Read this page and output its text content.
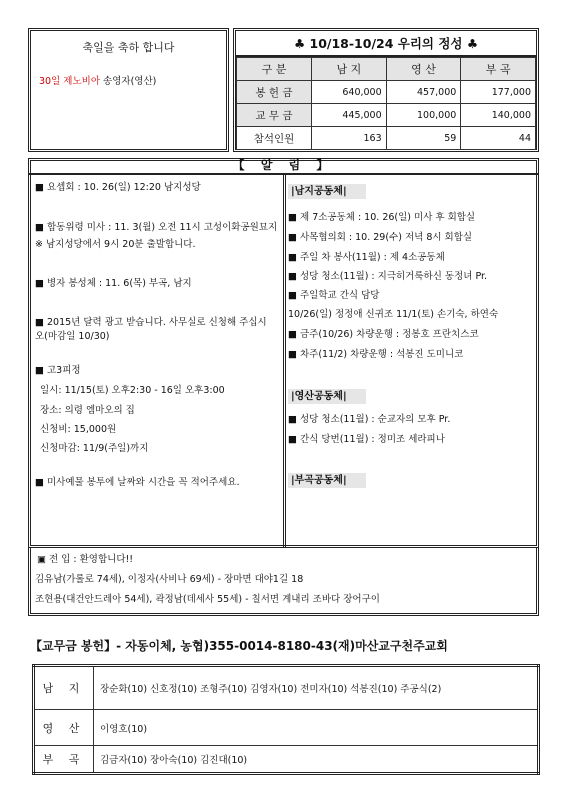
축일을 축하 합니다
30일 제노비아 송영자(영산)
♣ 10/18-10/24 우리의 정성 ♣
구 분	남 지	영 산	부 곡
봉 헌 금	640,000	457,000	177,000
교 무 금	445,000	100,000	140,000
참석인원	163	59	44
【 알 림 】
■ 요셉회 : 10. 26(일) 12:20 남지성당
■ 합동위령 미사 : 11. 3(월) 오전 11시 고성이화공원묘지
※ 남지성당에서 9시 20분 출발합니다.
■ 병자 봉성체 : 11. 6(목) 부곡, 남지
■ 2015년 달력 광고 받습니다. 사무실로 신청해 주십시
오(마감일 10/30)
■ 고3피정
일시: 11/15(토) 오후2:30 - 16일 오후3:00
장소: 의령 엠마오의 집
신청비: 15,000원
신청마감: 11/9(주일)까지
■ 미사예물 봉투에 날짜와 시간을 꼭 적어주세요.
|남지공동체|
■ 제 7소공동체 : 10. 26(일) 미사 후 회합실
■ 사목협의회 : 10. 29(수) 저녁 8시 회합실
■ 주일 차 봉사(11월) : 제 4소공동체
■ 성당 청소(11월) : 지극히거룩하신 동정녀 Pr.
■ 주일학교 간식 담당
10/26(일) 정정애 신귀조 11/1(토) 손기숙, 하연숙
■ 금주(10/26) 차량운행 : 정봉호 프란치스코
■ 차주(11/2) 차량운행 : 석봉진 도미니코
|영산공동체|
■ 성당 청소(11월) : 순교자의 모후 Pr.
■ 간식 당번(11월) : 정미조 세라피나
|부곡공동체|
▣ 전 입 : 환영합니다!!
김유남(가롤로 74세), 이정자(사비나 69세) - 장마면 대야1길 18
조현용(대건안드레아 54세), 곽정남(데세사 55세) - 칠서면 계내리 조바다 장어구이
【교무금 봉헌】- 자동이체, 농협)355-0014-8180-43(재)마산교구천주교회
남 지	장순화(10) 신호정(10) 조형주(10) 김영자(10) 전미자(10) 석봉진(10) 주공식(2)
영 산	이영호(10)
부 곡	김금자(10) 장아숙(10) 김진대(10)
